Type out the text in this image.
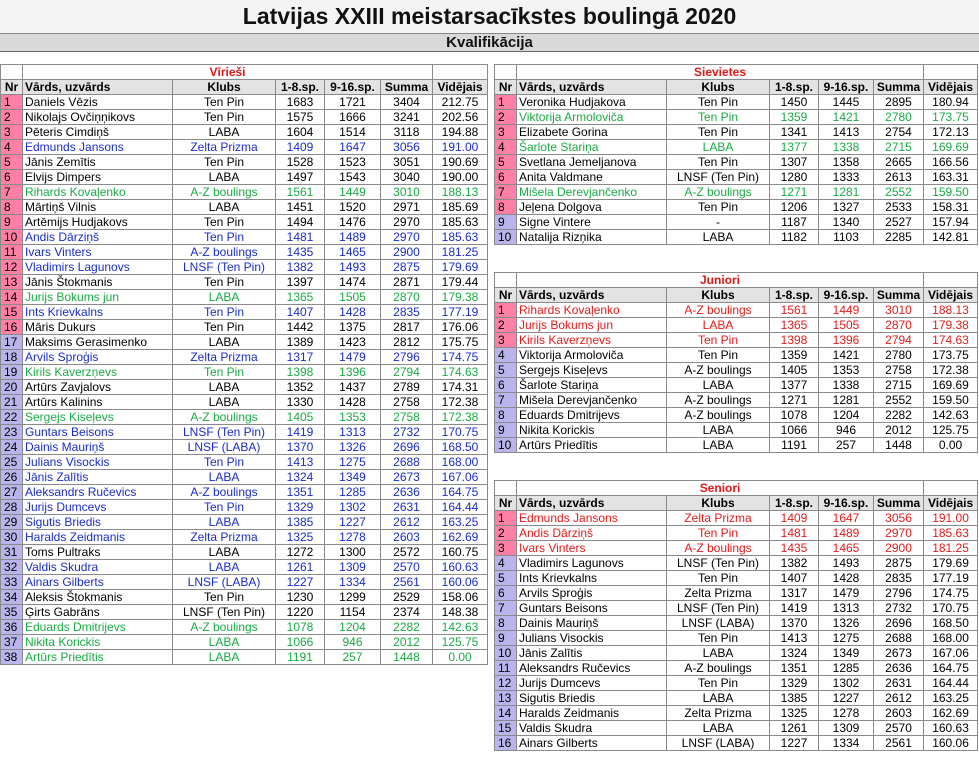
Latvijas XXIII meistarsacīkstes boulingā 2020
Kvalifikācija
	Vīrieši					
Nr	Vārds, uzvārds	Klubs	1-8.sp.	9-16.sp.	Summa	Vidējais
1	Daniels Vēzis	Ten Pin	1683	1721	3404	212.75
2	Nikolajs Ovčiņņikovs	Ten Pin	1575	1666	3241	202.56
3	Pēteris Cimdiņš	LABA	1604	1514	3118	194.88
4	Edmunds Jansons	Zelta Prizma	1409	1647	3056	191.00
5	Jānis Zemītis	Ten Pin	1528	1523	3051	190.69
6	Elvijs Dimpers	LABA	1497	1543	3040	190.00
7	Rihards Kovaļenko	A-Z boulings	1561	1449	3010	188.13
8	Mārtiņš Vilnis	LABA	1451	1520	2971	185.69
9	Artēmijs Hudjakovs	Ten Pin	1494	1476	2970	185.63
10	Andis Dārziņš	Ten Pin	1481	1489	2970	185.63
11	Ivars Vinters	A-Z boulings	1435	1465	2900	181.25
12	Vladimirs Lagunovs	LNSF (Ten Pin)	1382	1493	2875	179.69
13	Jānis Štokmanis	Ten Pin	1397	1474	2871	179.44
14	Jurijs Bokums jun	LABA	1365	1505	2870	179.38
15	Ints Krievkalns	Ten Pin	1407	1428	2835	177.19
16	Māris Dukurs	Ten Pin	1442	1375	2817	176.06
17	Maksims Gerasimenko	LABA	1389	1423	2812	175.75
18	Arvils Sproģis	Zelta Prizma	1317	1479	2796	174.75
19	Kirils Kaverzņevs	Ten Pin	1398	1396	2794	174.63
20	Artūrs Zavjalovs	LABA	1352	1437	2789	174.31
21	Artūrs Kalinins	LABA	1330	1428	2758	172.38
22	Sergejs Kiseļevs	A-Z boulings	1405	1353	2758	172.38
23	Guntars Beisons	LNSF (Ten Pin)	1419	1313	2732	170.75
24	Dainis Mauriņš	LNSF (LABA)	1370	1326	2696	168.50
25	Julians Visockis	Ten Pin	1413	1275	2688	168.00
26	Jānis Zalītis	LABA	1324	1349	2673	167.06
27	Aleksandrs Ručevics	A-Z boulings	1351	1285	2636	164.75
28	Jurijs Dumcevs	Ten Pin	1329	1302	2631	164.44
29	Sigutis Briedis	LABA	1385	1227	2612	163.25
30	Haralds Zeidmanis	Zelta Prizma	1325	1278	2603	162.69
31	Toms Pultraks	LABA	1272	1300	2572	160.75
32	Valdis Skudra	LABA	1261	1309	2570	160.63
33	Ainars Gilberts	LNSF (LABA)	1227	1334	2561	160.06
34	Aleksis Štokmanis	Ten Pin	1230	1299	2529	158.06
35	Ģirts Gabrāns	LNSF (Ten Pin)	1220	1154	2374	148.38
36	Eduards Dmitrijevs	A-Z boulings	1078	1204	2282	142.63
37	Nikita Korickis	LABA	1066	946	2012	125.75
38	Artūrs Priedītis	LABA	1191	257	1448	0.00
	Sievietes					
Nr	Vārds, uzvārds	Klubs	1-8.sp.	9-16.sp.	Summa	Vidējais
1	Veronika Hudjakova	Ten Pin	1450	1445	2895	180.94
2	Viktorija Armoloviča	Ten Pin	1359	1421	2780	173.75
3	Elizabete Gorina	Ten Pin	1341	1413	2754	172.13
4	Šarlote Stariņa	LABA	1377	1338	2715	169.69
5	Svetlana Jemeljanova	Ten Pin	1307	1358	2665	166.56
6	Anita Valdmane	LNSF (Ten Pin)	1280	1333	2613	163.31
7	Mišela Derevjančenko	A-Z boulings	1271	1281	2552	159.50
8	Jeļena Dolgova	Ten Pin	1206	1327	2533	158.31
9	Signe Vintere	-	1187	1340	2527	157.94
10	Natalija Rizņika	LABA	1182	1103	2285	142.81
	Juniori					
Nr	Vārds, uzvārds	Klubs	1-8.sp.	9-16.sp.	Summa	Vidējais
1	Rihards Kovaļenko	A-Z boulings	1561	1449	3010	188.13
2	Jurijs Bokums jun	LABA	1365	1505	2870	179.38
3	Kirils Kaverzņevs	Ten Pin	1398	1396	2794	174.63
4	Viktorija Armoloviča	Ten Pin	1359	1421	2780	173.75
5	Sergejs Kiseļevs	A-Z boulings	1405	1353	2758	172.38
6	Šarlote Stariņa	LABA	1377	1338	2715	169.69
7	Mišela Derevjančenko	A-Z boulings	1271	1281	2552	159.50
8	Eduards Dmitrijevs	A-Z boulings	1078	1204	2282	142.63
9	Nikita Korickis	LABA	1066	946	2012	125.75
10	Artūrs Priedītis	LABA	1191	257	1448	0.00
	Seniori					
Nr	Vārds, uzvārds	Klubs	1-8.sp.	9-16.sp.	Summa	Vidējais
1	Edmunds Jansons	Zelta Prizma	1409	1647	3056	191.00
2	Andis Dārziņš	Ten Pin	1481	1489	2970	185.63
3	Ivars Vinters	A-Z boulings	1435	1465	2900	181.25
4	Vladimirs Lagunovs	LNSF (Ten Pin)	1382	1493	2875	179.69
5	Ints Krievkalns	Ten Pin	1407	1428	2835	177.19
6	Arvils Sproģis	Zelta Prizma	1317	1479	2796	174.75
7	Guntars Beisons	LNSF (Ten Pin)	1419	1313	2732	170.75
8	Dainis Mauriņš	LNSF (LABA)	1370	1326	2696	168.50
9	Julians Visockis	Ten Pin	1413	1275	2688	168.00
10	Jānis Zalītis	LABA	1324	1349	2673	167.06
11	Aleksandrs Ručevics	A-Z boulings	1351	1285	2636	164.75
12	Jurijs Dumcevs	Ten Pin	1329	1302	2631	164.44
13	Sigutis Briedis	LABA	1385	1227	2612	163.25
14	Haralds Zeidmanis	Zelta Prizma	1325	1278	2603	162.69
15	Valdis Skudra	LABA	1261	1309	2570	160.63
16	Ainars Gilberts	LNSF (LABA)	1227	1334	2561	160.06
